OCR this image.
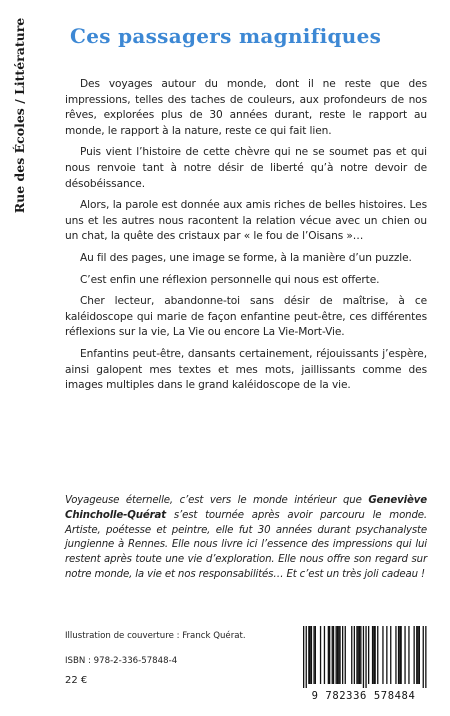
Rue des Écoles / Littérature Ces passagers magnifiques

Des voyages autour du monde, dont il ne reste que des impressions, telles des taches de couleurs, aux profondeurs de nos rêves, explorées plus de 30 années durant, reste le rapport au monde, le rapport à la nature, reste ce qui fait lien.

Puis vient l’histoire de cette chèvre qui ne se soumet pas et qui nous renvoie tant à notre désir de liberté qu’à notre devoir de désobéissance.

Alors, la parole est donnée aux amis riches de belles histoires. Les uns et les autres nous racontent la relation vécue avec un chien ou un chat, la quête des cristaux par « le fou de l’Oisans »…

Au fil des pages, une image se forme, à la manière d’un puzzle.

C’est enfin une réflexion personnelle qui nous est offerte.

Cher lecteur, abandonne-toi sans désir de maîtrise, à ce kaléidoscope qui marie de façon enfantine peut-être, ces différentes réflexions sur la vie, La Vie ou encore La Vie-Mort-Vie.

Enfantins peut-être, dansants certainement, réjouissants j’espère, ainsi galopent mes textes et mes mots, jaillissants comme des images multiples dans le grand kaléidoscope de la vie.

Voyageuse éternelle, c’est vers le monde intérieur que Geneviève Chincholle-Quérat s’est tournée après avoir parcouru le monde. Artiste, poétesse et peintre, elle fut 30 années durant psychanalyste jungienne à Rennes. Elle nous livre ici l’essence des impressions qui lui restent après toute une vie d’exploration. Elle nous offre son regard sur notre monde, la vie et nos responsabilités… Et c’est un très joli cadeau !
Illustration de couverture : Franck Quérat.
ISBN : 978-2-336-57848-4
22 €
9 782336 578484
